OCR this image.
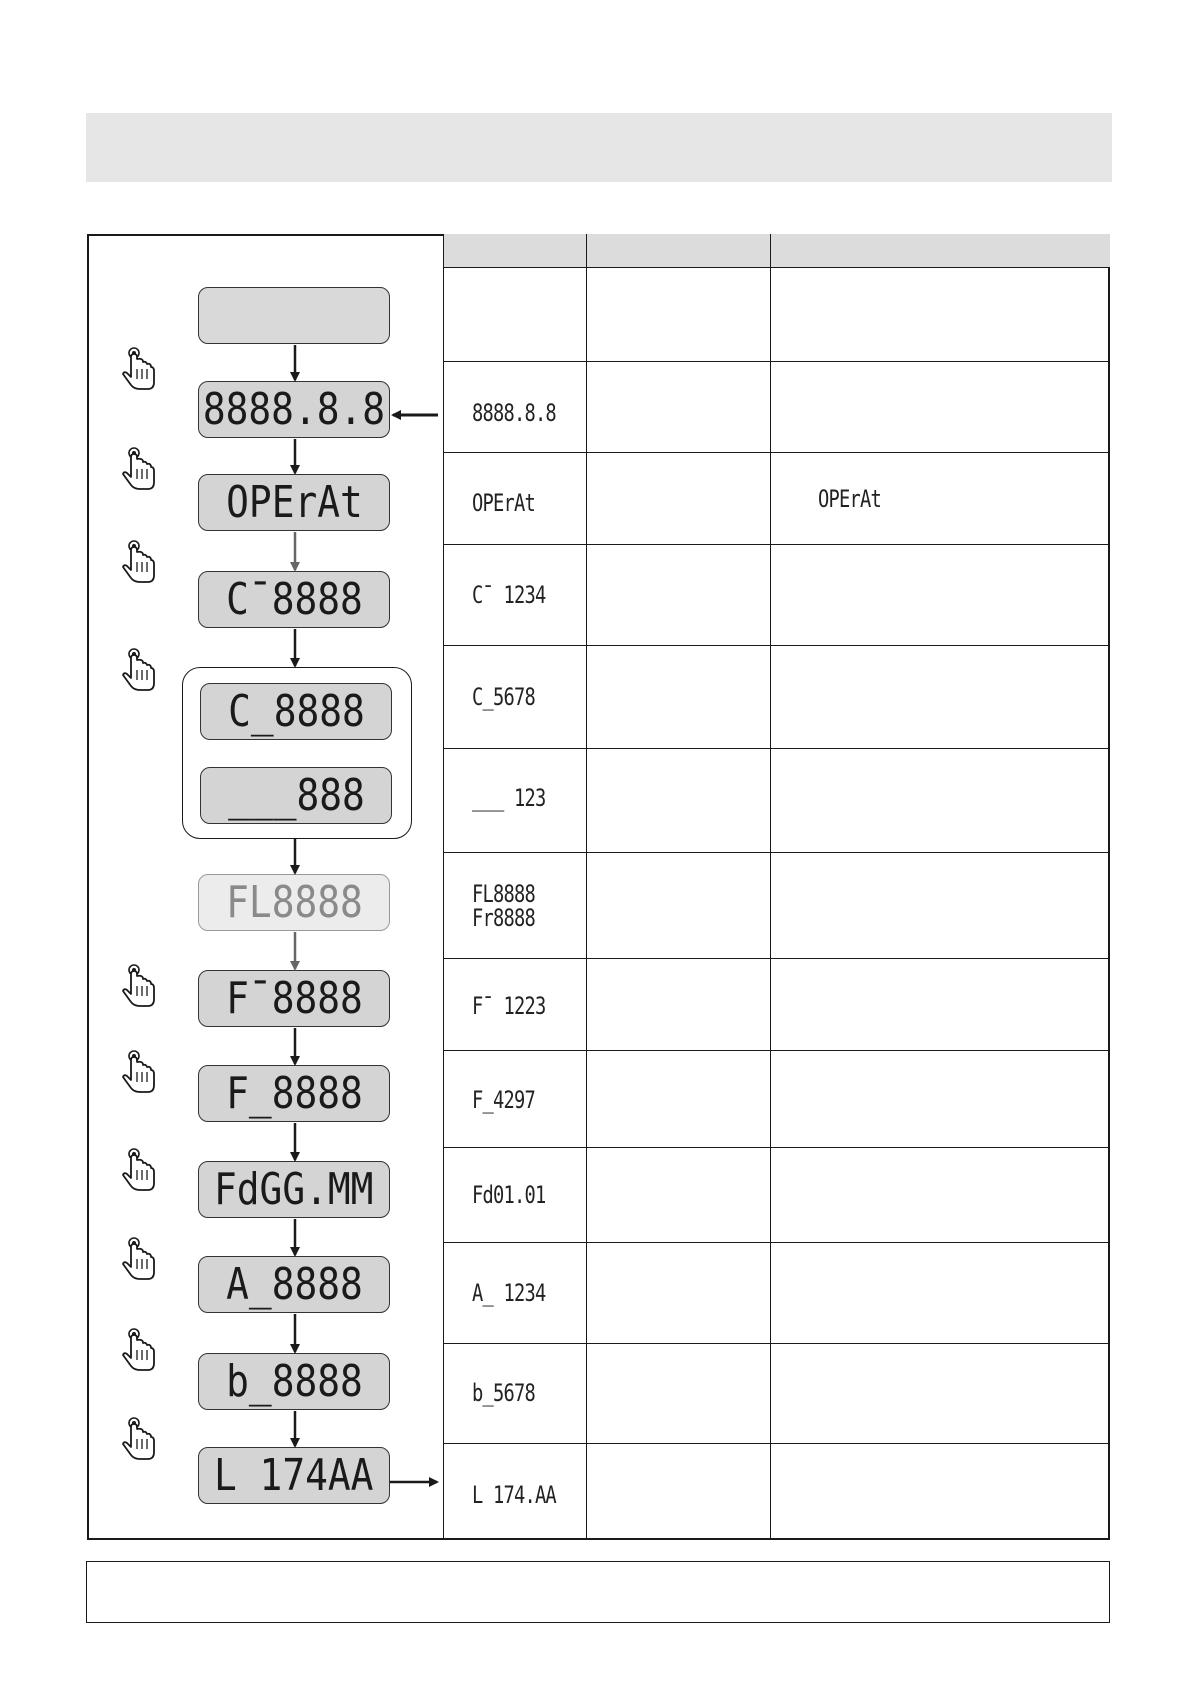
8888.8.8
OPErAt
C¯ 1234
C_5678
___ 123
FL8888
Fr8888
F¯ 1223
F_4297
Fd01.01
A_ 1234
b_5678
L 174.AA
OPErAt
8888.8.8
OPErAt
C¯8888
C_8888
___888
FL8888
F¯8888
F_8888
FdGG.MM
A_8888
b_8888
L 174AA
